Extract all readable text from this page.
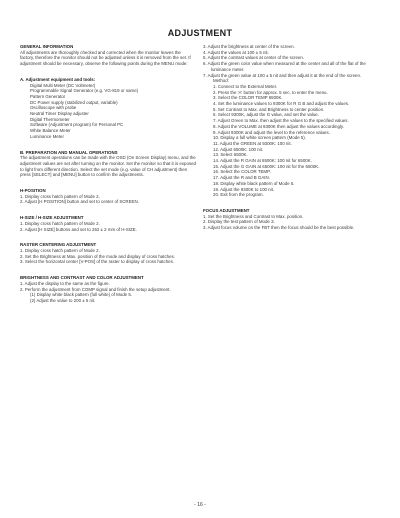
ADJUSTMENT
GENERAL INFORMATION
All adjustments are thoroughly checked and corrected when the monitor leaves the factory, therefore the monitor should not be adjusted unless it is removed from the set. If adjustment should be necessary, observe the following points during the MENU mode:
A. Adjustment equipment and tools:
Digital Multi Meter (DC Voltmeter)
Programmable Signal Generator (e.g. VG-819 or same)
Pattern Generator
DC Power supply (stabilized output, variable)
Oscilloscope with probe
Neutral Timer Display adjuster
Digital Thermometer
Software (Adjustment program) for Personal PC
White Balance Meter
Luminance Meter
B. PREPARATION AND MANUAL OPERATIONS
The adjustment operations can be made with the OSD (On Screen Display) menu, and the adjustment values are set after turning on the monitor. Set the monitor so that it is exposed to light from different direction. Select the set mode (e.g. value of CH adjustment) then press [SELECT] and [MENU] button to confirm the adjustments.
H-POSITION
1. Display cross hatch pattern of Mode 2.
2. Adjust [H POSITION] button and set to center of SCREEN.
H-SIZE / H-SIZE ADJUSTMENT
1. Display cross hatch pattern of Mode 2.
2. Adjust [H SIZE] buttons and set to 262 ± 2 mm of H-SIZE.
RASTER CENTERING ADJUSTMENT
1. Display cross hatch pattern of Mode 2.
2. Set the Brightness at Max. position of the mode and display of cross hatches.
3. Select the horizontal center [V-POS] of the raster to display of cross hatches.
BRIGHTNESS AND CONTRAST AND COLOR ADJUSTMENT
1. Adjust the display to the same as the figure.
2. Perform the adjustment from COMP signal and finish the setup adjustment.
(1) Display white black pattern (full white) of Mode 5.
(2) Adjust the value to 200 ± 5 nit.
3. Adjust the brightness at center of the screen.
4. Adjust the values at 100 ± 5 nit.
5. Adjust the contrast values at center of the screen.
6. Adjust the green color value when measured at the center and all of the flat of the luminance meter.
7. Adjust the green value at 100 ± 5 nit and then adjust it at the end of the screen.
Method:
1. Connect to the External Meter.
2. Press the 'A' button for approx. 5 sec. to enter the menu.
3. Select the COLOR TEMP 6500K.
4. Set the luminance values to 9300K for R G B and adjust the values.
5. Set Contrast to Max. and Brightness to center position.
6. Select 9300K, adjust the G value, and set the value.
7. Adjust Green to Max. then adjust the values to the specified values.
8. Adjust the VOLUME at 9300K then adjust the values accordingly.
9. Adjust 9300K and adjust the level to the reference values.
10. Display a full white screen pattern (Mode 5).
11. Adjust the GREEN at 9300K: 100 nit.
12. Adjust 6500K: 100 nit.
13. Select 6500K.
14. Adjust the R GAIN at 6500K: 100 nit for 6500K.
15. Adjust the G GAIN at 6500K: 100 nit for the 6500K.
16. Select the COLOR TEMP.
17. Adjust the R and B GAIN.
18. Display white black pattern of Mode 5.
19. Adjust the 9300K to 100 nit.
20. Exit from the program.
FOCUS ADJUSTMENT
1. Set the Brightness and Contrast to Max. position.
2. Display the test pattern of Mode 3.
3. Adjust focus volume on the FBT then the focus should be the best possible.
- 16 -
